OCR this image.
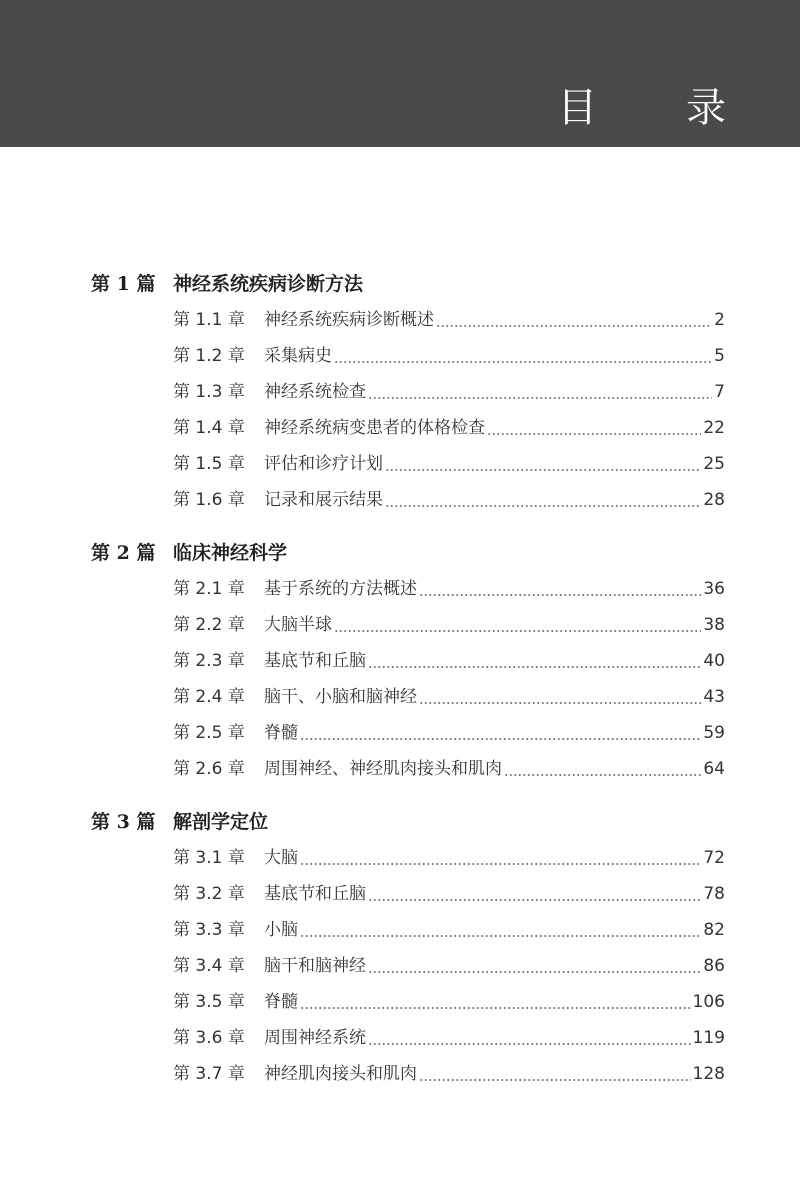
目 录
第 1 篇 神经系统疾病诊断方法
第 1.1 章 神经系统疾病诊断概述	2
第 1.2 章 采集病史	5
第 1.3 章 神经系统检查	7
第 1.4 章 神经系统病变患者的体格检查	22
第 1.5 章 评估和诊疗计划	25
第 1.6 章 记录和展示结果	28
第 2 篇 临床神经科学
第 2.1 章 基于系统的方法概述	36
第 2.2 章 大脑半球	38
第 2.3 章 基底节和丘脑	40
第 2.4 章 脑干、小脑和脑神经	43
第 2.5 章 脊髓	59
第 2.6 章 周围神经、神经肌肉接头和肌肉	64
第 3 篇 解剖学定位
第 3.1 章 大脑	72
第 3.2 章 基底节和丘脑	78
第 3.3 章 小脑	82
第 3.4 章 脑干和脑神经	86
第 3.5 章 脊髓	106
第 3.6 章 周围神经系统	119
第 3.7 章 神经肌肉接头和肌肉	128
